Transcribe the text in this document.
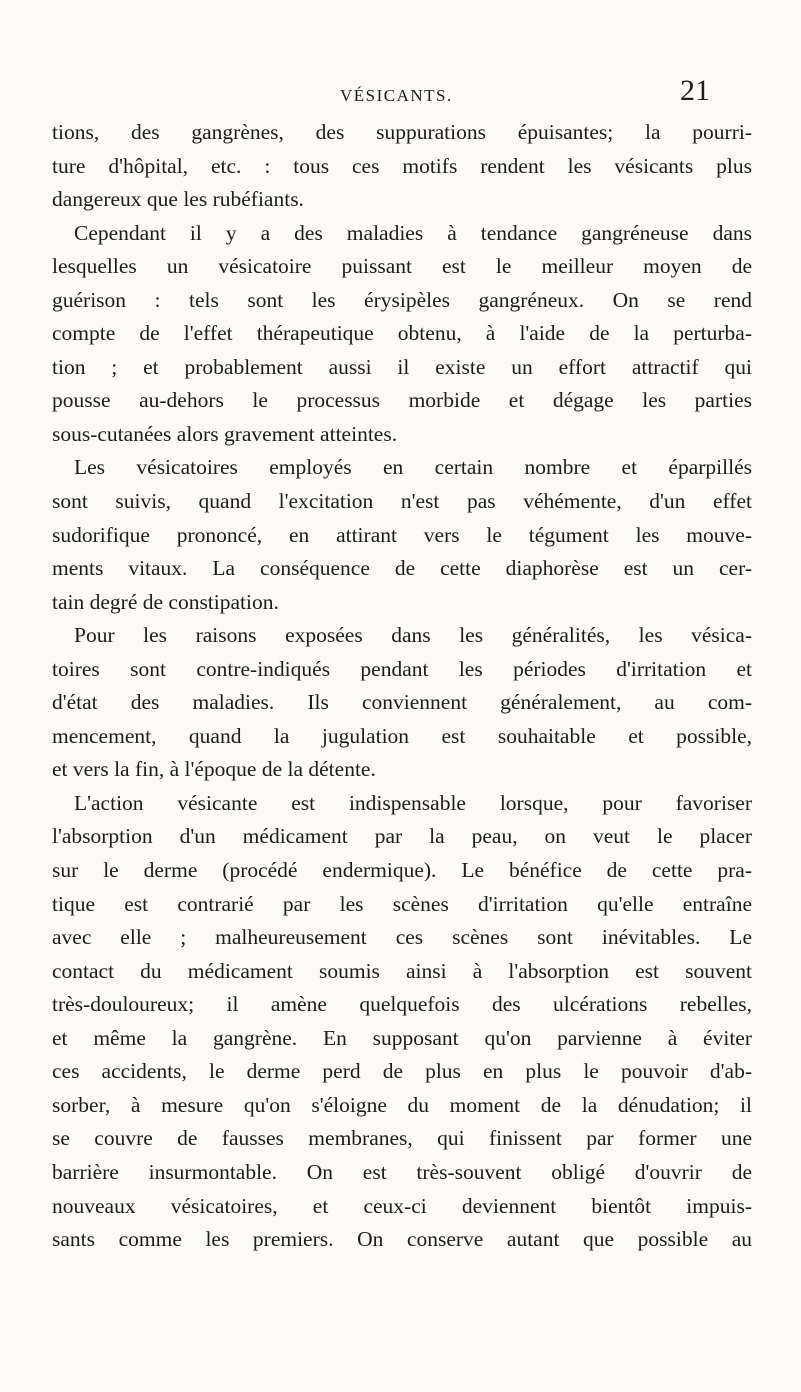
VÉSICANTS.	21
tions, des gangrènes, des suppurations épuisantes; la pourri-
ture d'hôpital, etc. : tous ces motifs rendent les vésicants plus
dangereux que les rubéfiants.
Cependant il y a des maladies à tendance gangréneuse dans
lesquelles un vésicatoire puissant est le meilleur moyen de
guérison : tels sont les érysipèles gangréneux. On se rend
compte de l'effet thérapeutique obtenu, à l'aide de la perturba-
tion ; et probablement aussi il existe un effort attractif qui
pousse au-dehors le processus morbide et dégage les parties
sous-cutanées alors gravement atteintes.
Les vésicatoires employés en certain nombre et éparpillés
sont suivis, quand l'excitation n'est pas véhémente, d'un effet
sudorifique prononcé, en attirant vers le tégument les mouve-
ments vitaux. La conséquence de cette diaphorèse est un cer-
tain degré de constipation.
Pour les raisons exposées dans les généralités, les vésica-
toires sont contre-indiqués pendant les périodes d'irritation et
d'état des maladies. Ils conviennent généralement, au com-
mencement, quand la jugulation est souhaitable et possible,
et vers la fin, à l'époque de la détente.
L'action vésicante est indispensable lorsque, pour favoriser
l'absorption d'un médicament par la peau, on veut le placer
sur le derme (procédé endermique). Le bénéfice de cette pra-
tique est contrarié par les scènes d'irritation qu'elle entraîne
avec elle ; malheureusement ces scènes sont inévitables. Le
contact du médicament soumis ainsi à l'absorption est souvent
très-douloureux; il amène quelquefois des ulcérations rebelles,
et même la gangrène. En supposant qu'on parvienne à éviter
ces accidents, le derme perd de plus en plus le pouvoir d'ab-
sorber, à mesure qu'on s'éloigne du moment de la dénudation; il
se couvre de fausses membranes, qui finissent par former une
barrière insurmontable. On est très-souvent obligé d'ouvrir de
nouveaux vésicatoires, et ceux-ci deviennent bientôt impuis-
sants comme les premiers. On conserve autant que possible au
